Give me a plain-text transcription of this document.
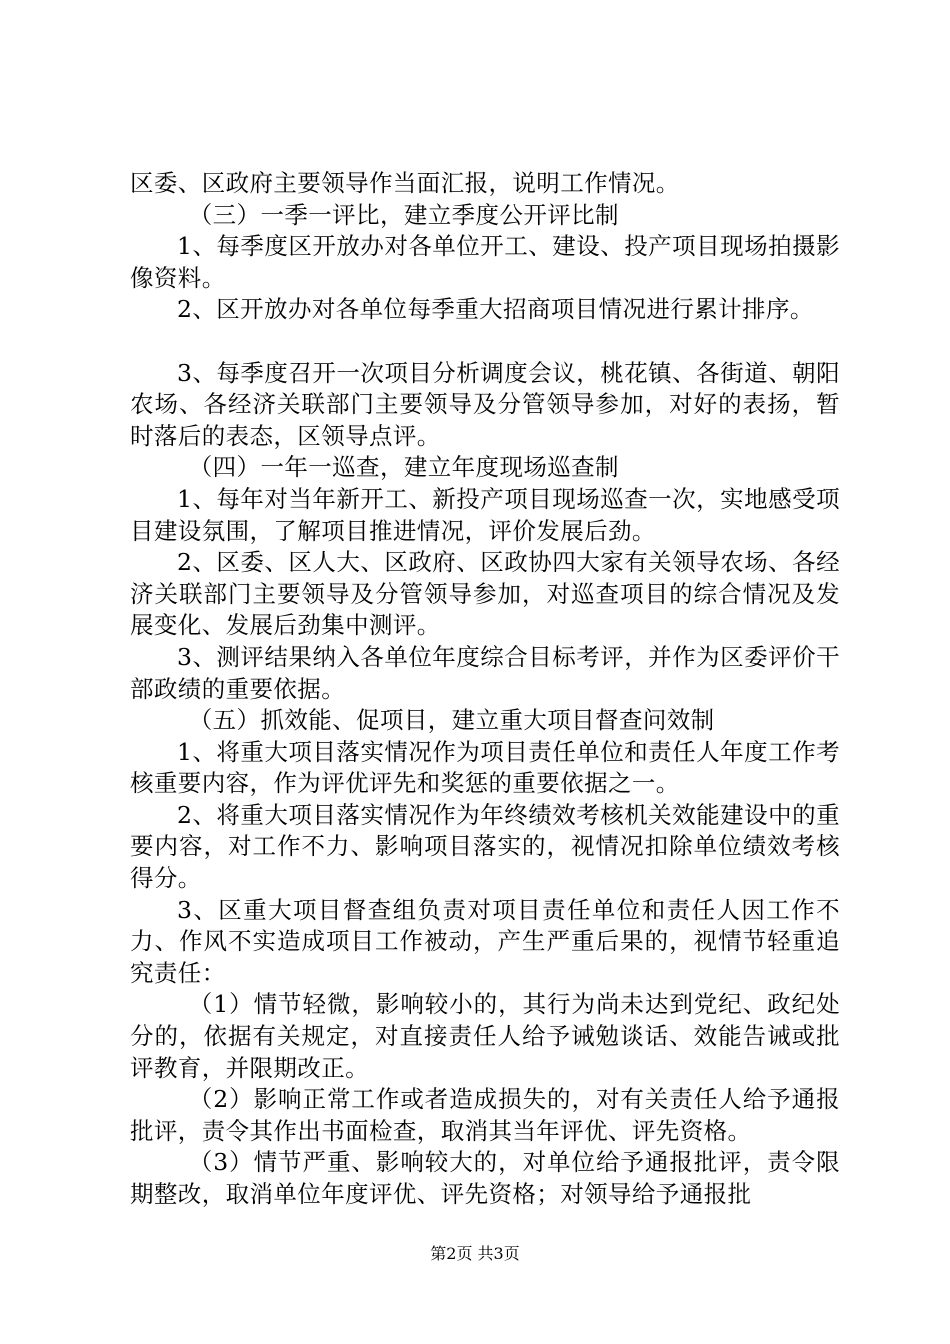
区委、区政府主要领导作当面汇报，说明工作情况。

（三）一季一评比，建立季度公开评比制

1、每季度区开放办对各单位开工、建设、投产项目现场拍摄影像资料。

2、区开放办对各单位每季重大招商项目情况进行累计排序。

3、每季度召开一次项目分析调度会议，桃花镇、各街道、朝阳农场、各经济关联部门主要领导及分管领导参加，对好的表扬，暂时落后的表态，区领导点评。

（四）一年一巡查，建立年度现场巡查制

1、每年对当年新开工、新投产项目现场巡查一次，实地感受项目建设氛围，了解项目推进情况，评价发展后劲。

2、区委、区人大、区政府、区政协四大家有关领导农场、各经济关联部门主要领导及分管领导参加，对巡查项目的综合情况及发展变化、发展后劲集中测评。

3、测评结果纳入各单位年度综合目标考评，并作为区委评价干部政绩的重要依据。

（五）抓效能、促项目，建立重大项目督查问效制

1、将重大项目落实情况作为项目责任单位和责任人年度工作考核重要内容，作为评优评先和奖惩的重要依据之一。

2、将重大项目落实情况作为年终绩效考核机关效能建设中的重要内容，对工作不力、影响项目落实的，视情况扣除单位绩效考核得分。

3、区重大项目督查组负责对项目责任单位和责任人因工作不力、作风不实造成项目工作被动，产生严重后果的，视情节轻重追究责任：

（1）情节轻微，影响较小的，其行为尚未达到党纪、政纪处分的，依据有关规定，对直接责任人给予诫勉谈话、效能告诫或批评教育，并限期改正。

（2）影响正常工作或者造成损失的，对有关责任人给予通报批评，责令其作出书面检查，取消其当年评优、评先资格。

（3）情节严重、影响较大的，对单位给予通报批评，责令限期整改，取消单位年度评优、评先资格；对领导给予通报批

第2页 共3页
